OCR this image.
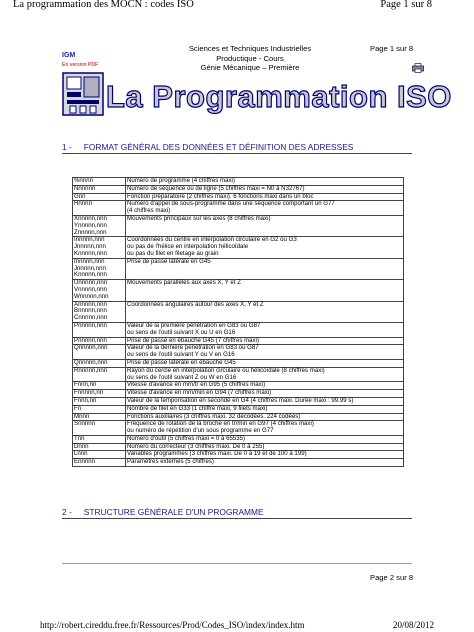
La programmation des MOCN : codes ISO	Page 1 sur 8
IGM
En version PDF
Sciences et Techniques Industrielles
Productique - Cours
Génie Mécanique – Première
Page 1 sur 8
La Programmation ISO
1 - FORMAT GÉNÉRAL DES DONNÉES ET DÉFINITION DES ADRESSES
%nnnn	Numéro de programme (4 chiffres maxi)

Nnnnnn	Numéro de séquence ou de ligne (5 chiffres maxi = N0 à N32767)

Gnn	Fonction préparatoire (2 chiffres maxi). 6 fonctions maxi dans un bloc

Hnnnn	Numéro d'appel de sous-programme dans une séquence comportant un G77
(4 chiffres maxi)

Xnnnnn,nnn
Ynnnnn,nnn
Znnnnn,nnn	Mouvements principaux sur les axes (8 chiffres maxi)

Innnnn,nnn
Jnnnnn,nnn
Knnnnn,nnn	Coordonnées du centre en interpolation circulaire en G2 ou G3
ou pas de l'hélice en interpolation hélicoïdale
ou pas du filet en filetage au grain

Innnnn,nnn
Jnnnnn,nnn
Knnnnn,nnn	Prise de passe latérale en G45

Unnnnn,nnn
Vnnnnn,nnn
Wnnnnn,nnn	Mouvements parallèles aux axes X, Y et Z

Annnnn,nnn
Bnnnnn,nnn
Cnnnnn,nnn	Coordonnées angulaires autour des axes X, Y et Z

Pnnnnn,nnn	Valeur de la première pénétration en G83 ou G87
ou sens de l'outil suivant X ou U en G16

Pnnnnn,nnn	Prise de passe en ébauche G45 (7 chiffres maxi)

Qnnnnn,nnn	Valeur de la dernière pénétration en G83 ou G87
ou sens de l'outil suivant Y ou V en G16

Qnnnnn,nnn	Prise de passe latérale en ébauche G45

Rnnnnn,nnn	Rayon du cercle en interpolation circulaire ou hélicoïdale (8 chiffres maxi)
ou sens de l'outil suivant Z ou W en G16

Fnnn,nn	Vitesse d'avance en mm/tr en G95 (5 chiffres maxi)

Fnnnnn,nn	Vitesse d'avance en mm/min en G94 (7 chiffres maxi)

Fnnn,nn	Valeur de la temporisation en seconde en G4 (4 chiffres maxi. Durée maxi : 99.99 s)

Fn	Nombre de filet en G33 (1 chiffre maxi, 9 filets maxi)

Mnnn	Fonctions auxiliaires (3 chiffres maxi. 32 décodées. 224 codées)

Snnnnn	Fréquence de rotation de la broche en tr/min en G97 (4 chiffres maxi)
ou numéro de répétition d'un sous programme en G77

Tnn	Numéro d'outil (5 chiffres maxi = 0 à 65535)

Dnnn	Numéro du correcteur (3 chiffres maxi. De 0 à 255)

Lnnn	Variables programmes (3 chiffres maxi. De 0 à 19 et de 100 à 199)

Ennnnn	Paramètres externes (5 chiffres)
2 - STRUCTURE GÉNÉRALE D'UN PROGRAMME
Page 2 sur 8
http://robert.cireddu.free.fr/Ressources/Prod/Codes_ISO/index/index.htm	20/08/2012
